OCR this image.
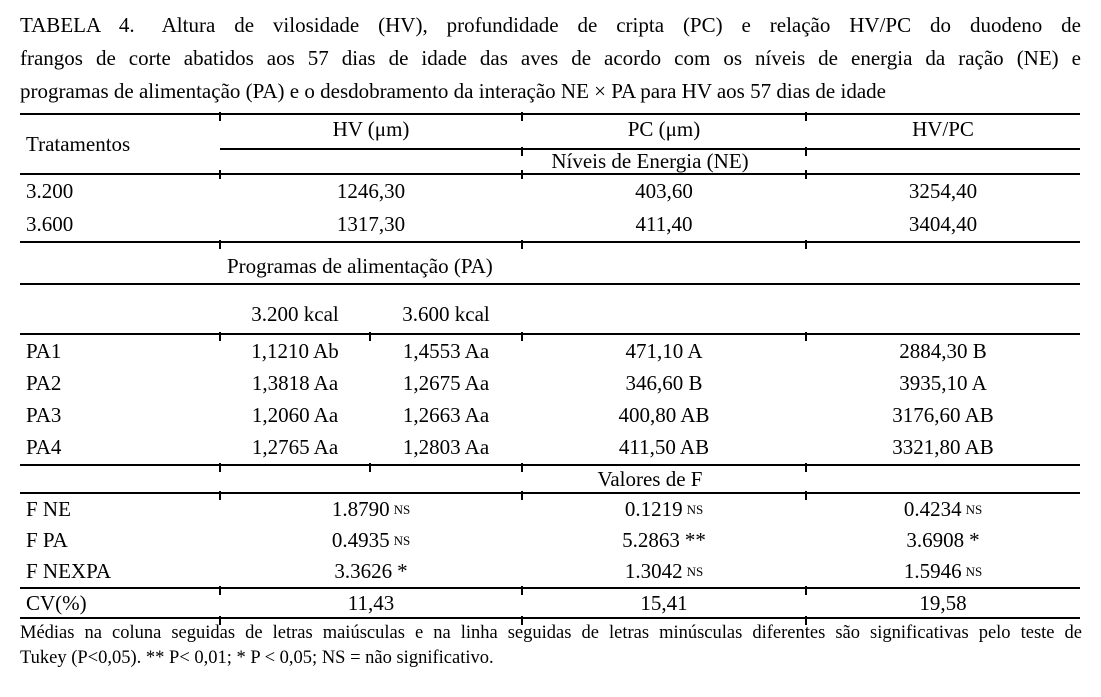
TABELA 4. Altura de vilosidade (HV), profundidade de cripta (PC) e relação HV/PC do duodeno de
frangos de corte abatidos aos 57 dias de idade das aves de acordo com os níveis de energia da ração (NE) e
programas de alimentação (PA) e o desdobramento da interação NE × PA para HV aos 57 dias de idade
Tratamentos
HV (μm)	PC (μm)	HV/PC
Níveis de Energia (NE)
3.200	1246,30	403,60	3254,40
3.600	1317,30	411,40	3404,40
Programas de alimentação (PA)
3.200 kcal	3.600 kcal
PA1	1,1210 Ab	1,4553 Aa	471,10 A	2884,30 B
PA2	1,3818 Aa	1,2675 Aa	346,60 B	3935,10 A
PA3	1,2060 Aa	1,2663 Aa	400,80 AB	3176,60 AB
PA4	1,2765 Aa	1,2803 Aa	411,50 AB	3321,80 AB
Valores de F
F NE	1.8790 NS	0.1219 NS	0.4234 NS
F PA	0.4935 NS	5.2863 **	3.6908 *
F NEXPA	3.3626 *	1.3042 NS	1.5946 NS
CV(%)	11,43	15,41	19,58
Médias na coluna seguidas de letras maiúsculas e na linha seguidas de letras minúsculas diferentes são significativas pelo teste de
Tukey (P<0,05). ** P< 0,01; * P < 0,05; NS = não significativo.
